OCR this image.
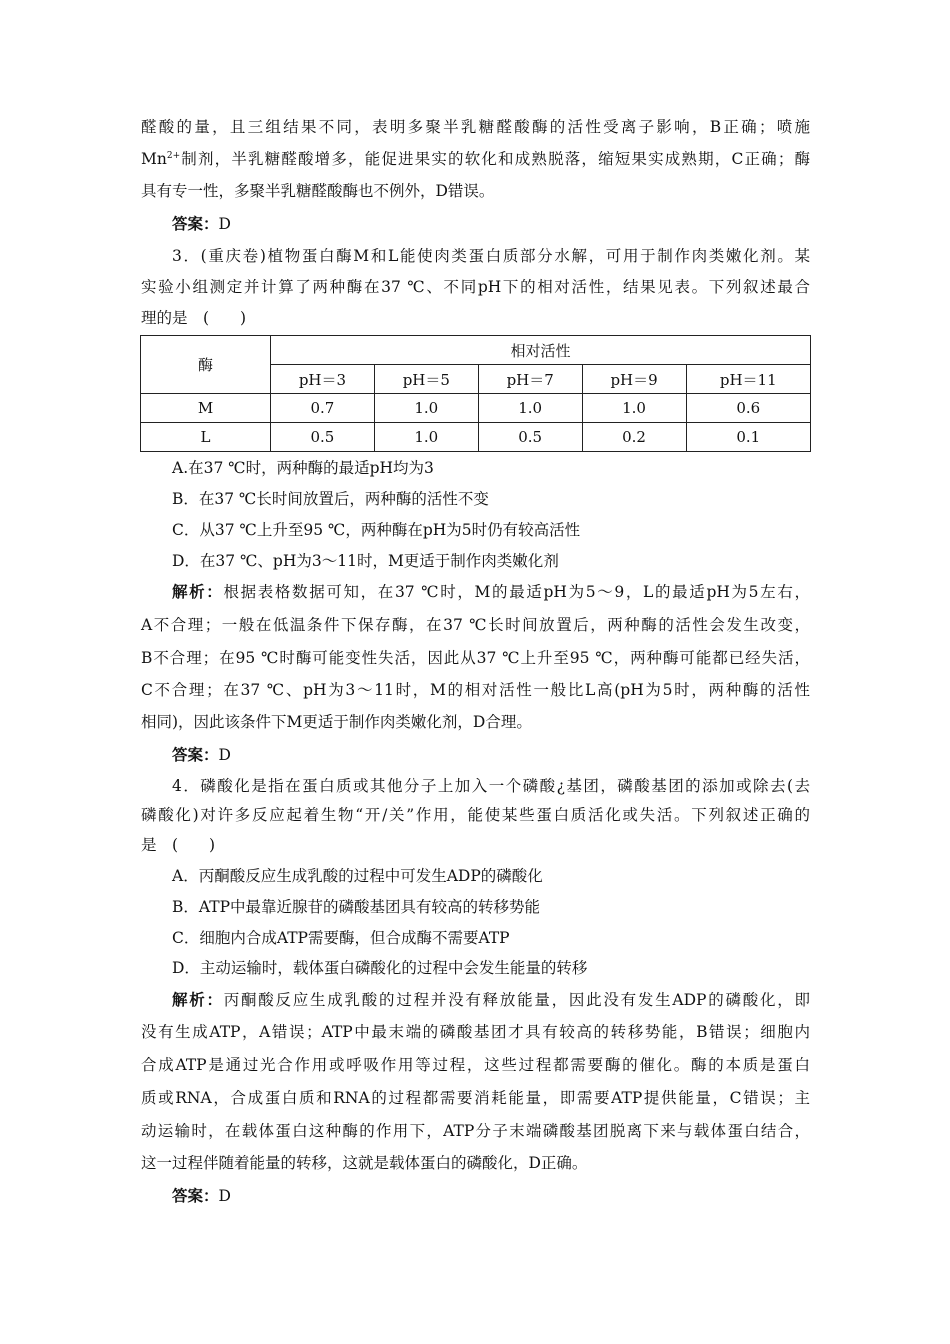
醛酸的量，且三组结果不同，表明多聚半乳糖醛酸酶的活性受离子影响，B正确；喷施
$Mn^{2+}$制剂，半乳糖醛酸增多，能促进果实的软化和成熟脱落，缩短果实成熟期，C正确；酶
具有专一性，多聚半乳糖醛酸酶也不例外，D错误。
答案：D
3．(重庆卷)植物蛋白酶M和L能使肉类蛋白质部分水解，可用于制作肉类嫩化剂。某
实验小组测定并计算了两种酶在37 ℃、不同pH下的相对活性，结果见表。下列叙述最合
理的是　(　　)
酶	相对活性				
	pH＝3	pH＝5	pH＝7	pH＝9	pH＝11
M	0.7	1.0	1.0	1.0	0.6
L	0.5	1.0	0.5	0.2	0.1
A.在37 ℃时，两种酶的最适pH均为3
B．在37 ℃长时间放置后，两种酶的活性不变
C．从37 ℃上升至95 ℃，两种酶在pH为5时仍有较高活性
D．在37 ℃、pH为3～11时，M更适于制作肉类嫩化剂
解析：根据表格数据可知，在37 ℃时，M的最适pH为5～9，L的最适pH为5左右，
A不合理；一般在低温条件下保存酶，在37 ℃长时间放置后，两种酶的活性会发生改变，
B不合理；在95 ℃时酶可能变性失活，因此从37 ℃上升至95 ℃，两种酶可能都已经失活，
C不合理；在37 ℃、pH为3～11时，M的相对活性一般比L高(pH为5时，两种酶的活性
相同)，因此该条件下M更适于制作肉类嫩化剂，D合理。
答案：D
4．磷酸化是指在蛋白质或其他分子上加入一个磷酸¿基团，磷酸基团的添加或除去(去
磷酸化)对许多反应起着生物“开/关”作用，能使某些蛋白质活化或失活。下列叙述正确的
是　(　　)
A．丙酮酸反应生成乳酸的过程中可发生ADP的磷酸化
B．ATP中最靠近腺苷的磷酸基团具有较高的转移势能
C．细胞内合成ATP需要酶，但合成酶不需要ATP
D．主动运输时，载体蛋白磷酸化的过程中会发生能量的转移
解析：丙酮酸反应生成乳酸的过程并没有释放能量，因此没有发生ADP的磷酸化，即
没有生成ATP，A错误；ATP中最末端的磷酸基团才具有较高的转移势能，B错误；细胞内
合成ATP是通过光合作用或呼吸作用等过程，这些过程都需要酶的催化。酶的本质是蛋白
质或RNA，合成蛋白质和RNA的过程都需要消耗能量，即需要ATP提供能量，C错误；主
动运输时，在载体蛋白这种酶的作用下，ATP分子末端磷酸基团脱离下来与载体蛋白结合，
这一过程伴随着能量的转移，这就是载体蛋白的磷酸化，D正确。
答案：D
